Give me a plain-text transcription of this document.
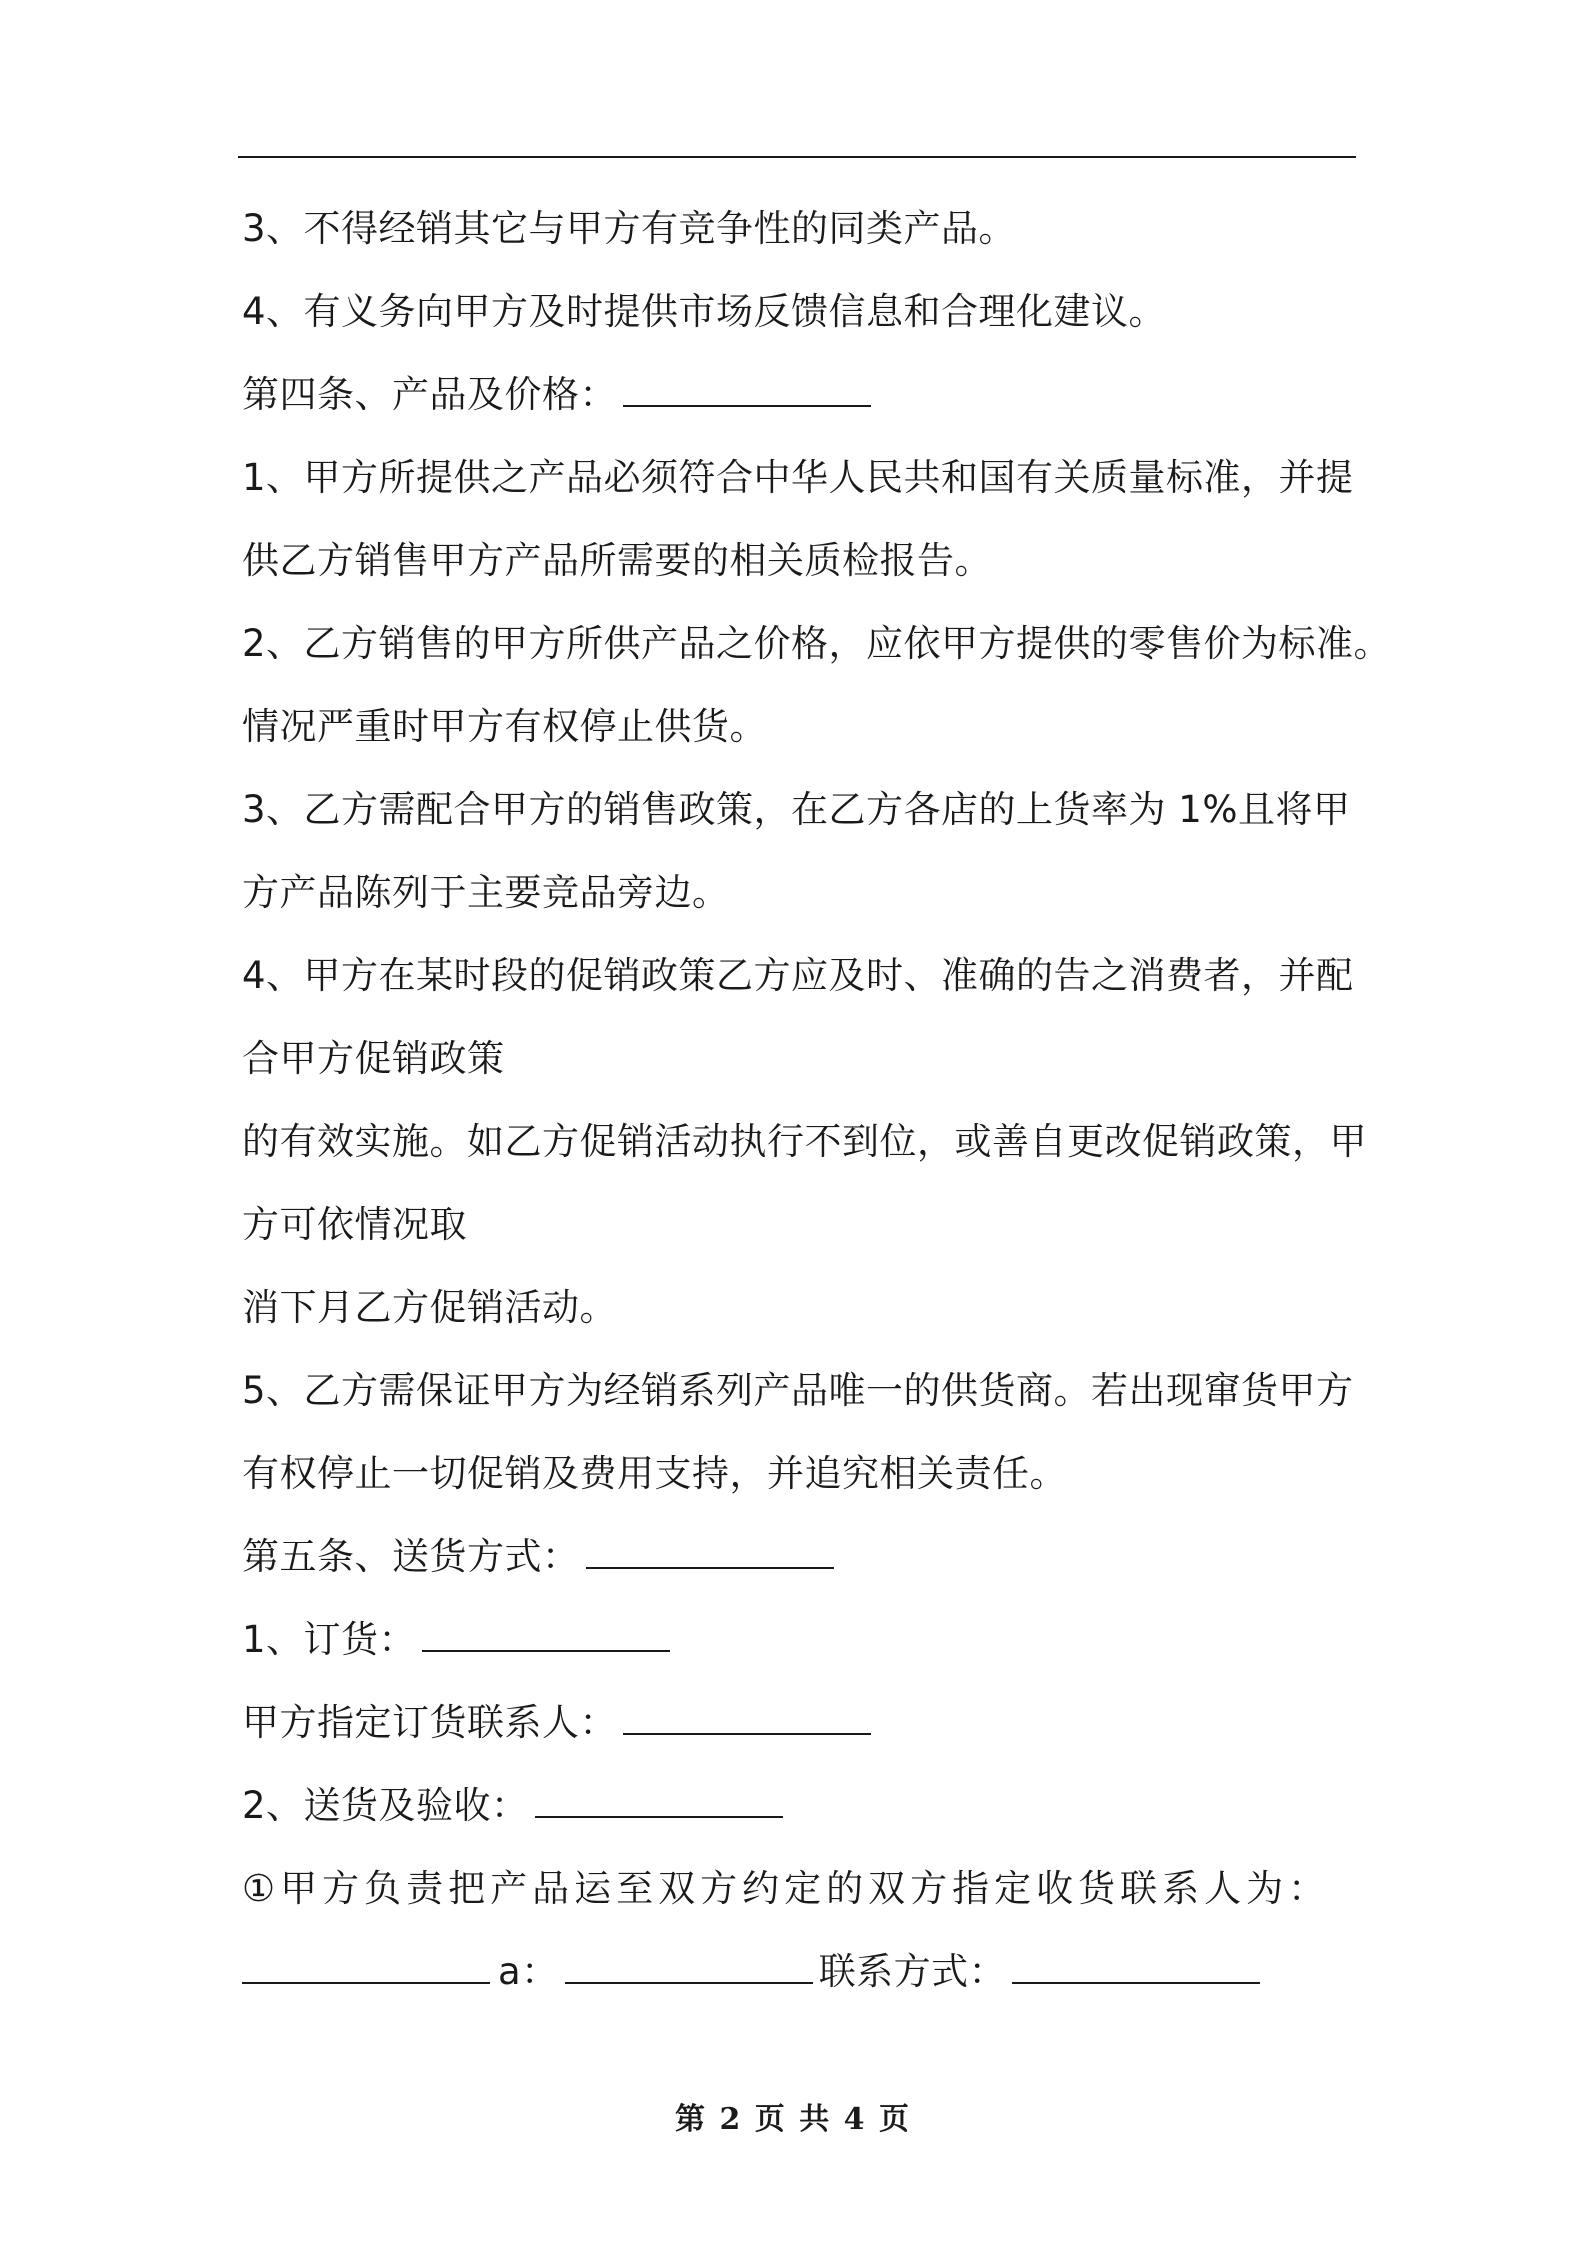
3、不得经销其它与甲方有竞争性的同类产品。
4、有义务向甲方及时提供市场反馈信息和合理化建议。
第四条、产品及价格：
1、甲方所提供之产品必须符合中华人民共和国有关质量标准，并提
供乙方销售甲方产品所需要的相关质检报告。
2、乙方销售的甲方所供产品之价格，应依甲方提供的零售价为标准。
情况严重时甲方有权停止供货。
3、乙方需配合甲方的销售政策，在乙方各店的上货率为 1%且将甲
方产品陈列于主要竞品旁边。
4、甲方在某时段的促销政策乙方应及时、准确的告之消费者，并配
合甲方促销政策
的有效实施。如乙方促销活动执行不到位，或善自更改促销政策，甲
方可依情况取
消下月乙方促销活动。
5、乙方需保证甲方为经销系列产品唯一的供货商。若出现窜货甲方
有权停止一切促销及费用支持，并追究相关责任。
第五条、送货方式：
1、订货：
甲方指定订货联系人：
2、送货及验收：
①甲方负责把产品运至双方约定的双方指定收货联系人为：
a：	联系方式：
第 2 页 共 4 页
